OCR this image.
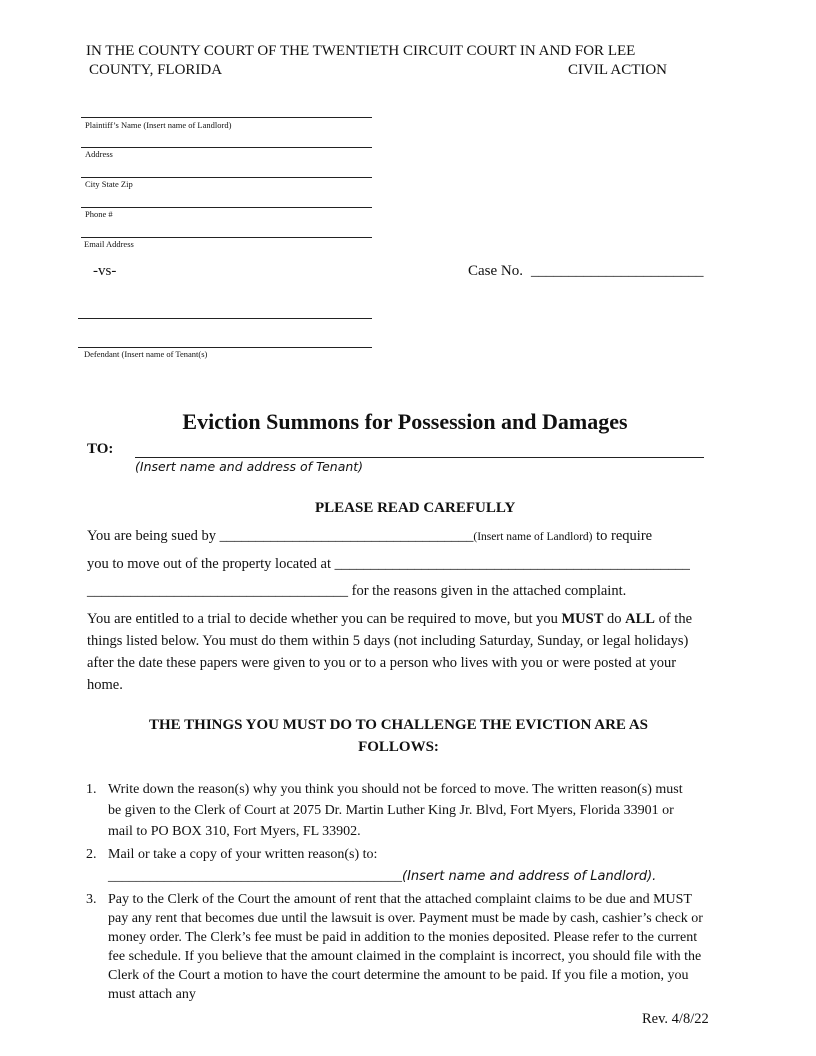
IN THE COUNTY COURT OF THE TWENTIETH CIRCUIT COURT IN AND FOR LEE
COUNTY, FLORIDA	CIVIL ACTION
Plaintiff’s Name (Insert name of Landlord)
Address
City State Zip
Phone #
Email Address
-vs-	Case No. _______________________
Defendant (Insert name of Tenant(s)
Eviction Summons for Possession and Damages
TO:
(Insert name and address of Tenant)
PLEASE READ CAREFULLY
You are being sued by ___________________________________(Insert name of Landlord) to require
you to move out of the property located at _________________________________________________
____________________________________ for the reasons given in the attached complaint.
You are entitled to a trial to decide whether you can be required to move, but you MUST do ALL of the things listed below. You must do them within 5 days (not including Saturday, Sunday, or legal holidays) after the date these papers were given to you or to a person who lives with you or were posted at your home.
THE THINGS YOU MUST DO TO CHALLENGE THE EVICTION ARE AS
FOLLOWS:
1. Write down the reason(s) why you think you should not be forced to move. The written reason(s) must be given to the Clerk of Court at 2075 Dr. Martin Luther King Jr. Blvd, Fort Myers, Florida 33901 or mail to PO BOX 310, Fort Myers, FL 33902.
2. Mail or take a copy of your written reason(s) to:
__________________________________________(Insert name and address of Landlord).
3. Pay to the Clerk of the Court the amount of rent that the attached complaint claims to be due and MUST pay any rent that becomes due until the lawsuit is over. Payment must be made by cash, cashier’s check or money order. The Clerk’s fee must be paid in addition to the monies deposited. Please refer to the current fee schedule. If you believe that the amount claimed in the complaint is incorrect, you should file with the Clerk of the Court a motion to have the court determine the amount to be paid. If you file a motion, you must attach any
Rev. 4/8/22
